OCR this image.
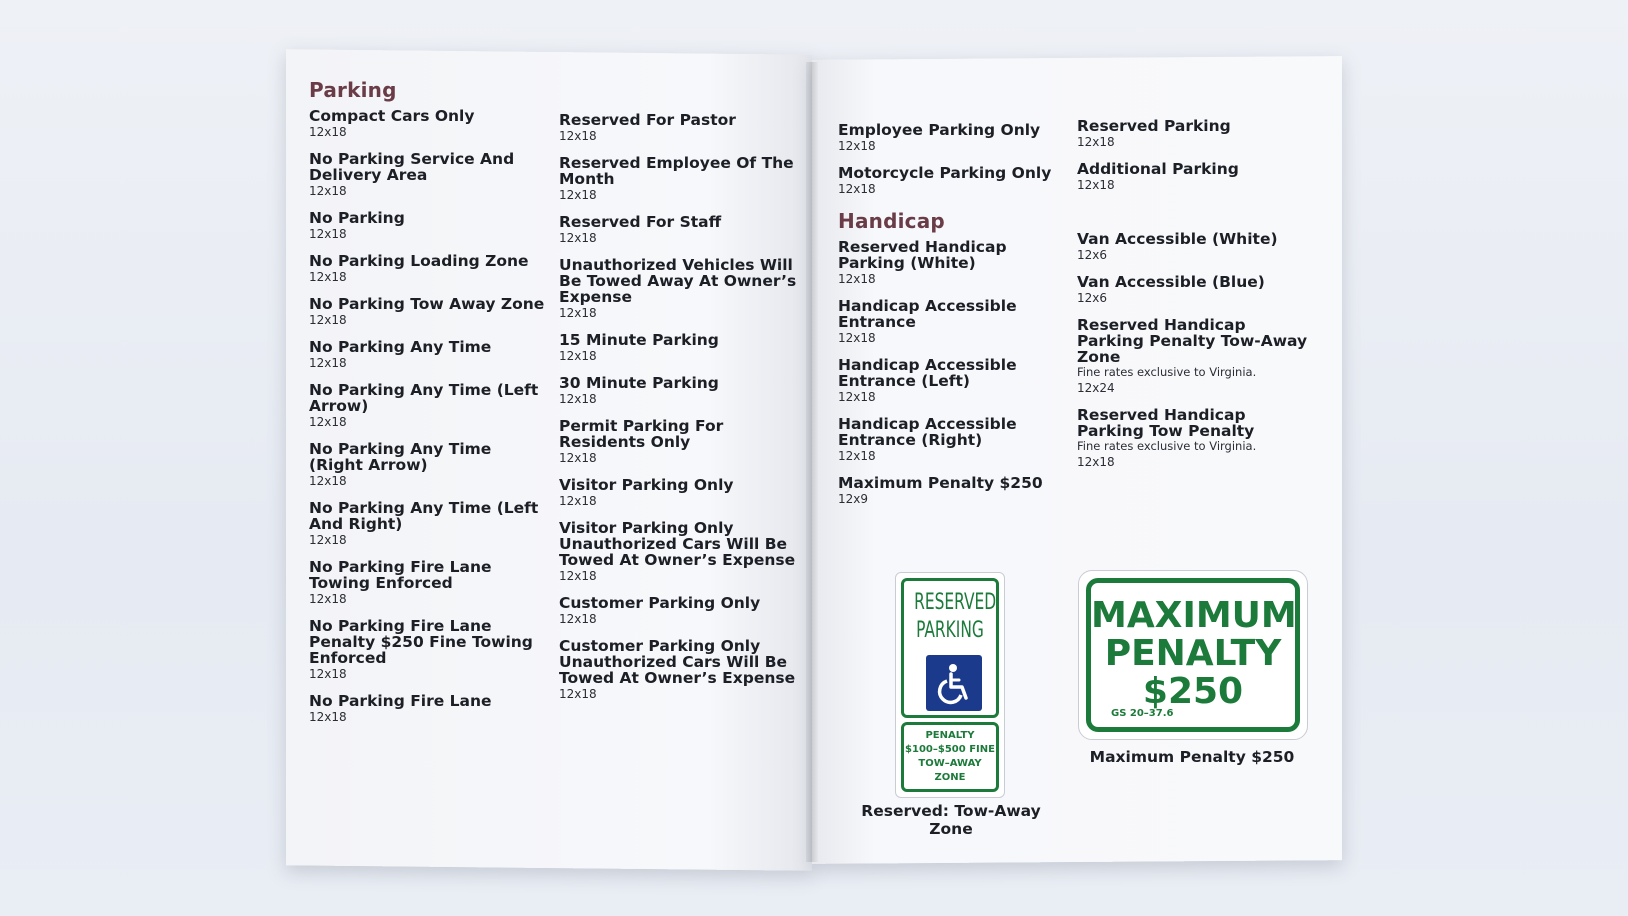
Parking
Compact Cars Only
12x18
No Parking Service And Delivery Area
12x18
No Parking
12x18
No Parking Loading Zone
12x18
No Parking Tow Away Zone
12x18
No Parking Any Time
12x18
No Parking Any Time (Left Arrow)
12x18
No Parking Any Time (Right Arrow)
12x18
No Parking Any Time (Left And Right)
12x18
No Parking Fire Lane Towing Enforced
12x18
No Parking Fire Lane Penalty $250 Fine Towing Enforced
12x18
No Parking Fire Lane
12x18
Reserved For Pastor
12x18
Reserved Employee Of The Month
12x18
Reserved For Staff
12x18
Unauthorized Vehicles Will Be Towed Away At Owner’s Expense
12x18
15 Minute Parking
12x18
30 Minute Parking
12x18
Permit Parking For Residents Only
12x18
Visitor Parking Only
12x18
Visitor Parking Only Unauthorized Cars Will Be Towed At Owner’s Expense
12x18
Customer Parking Only
12x18
Customer Parking Only Unauthorized Cars Will Be Towed At Owner’s Expense
12x18
Employee Parking Only
12x18
Motorcycle Parking Only
12x18
Handicap
Reserved Handicap Parking (White)
12x18
Handicap Accessible Entrance
12x18
Handicap Accessible Entrance (Left)
12x18
Handicap Accessible Entrance (Right)
12x18
Maximum Penalty $250
12x9
Reserved Parking
12x18
Additional Parking
12x18
Van Accessible (White)
12x6
Van Accessible (Blue)
12x6
Reserved Handicap Parking Penalty Tow-Away Zone
Fine rates exclusive to Virginia.
12x24
Reserved Handicap Parking Tow Penalty
Fine rates exclusive to Virginia.
12x18
RESERVED
PARKING
PENALTY
$100–$500 FINE
TOW–AWAY ZONE
Reserved: Tow-Away Zone
MAXIMUM
PENALTY
$250
GS 20–37.6
Maximum Penalty $250
